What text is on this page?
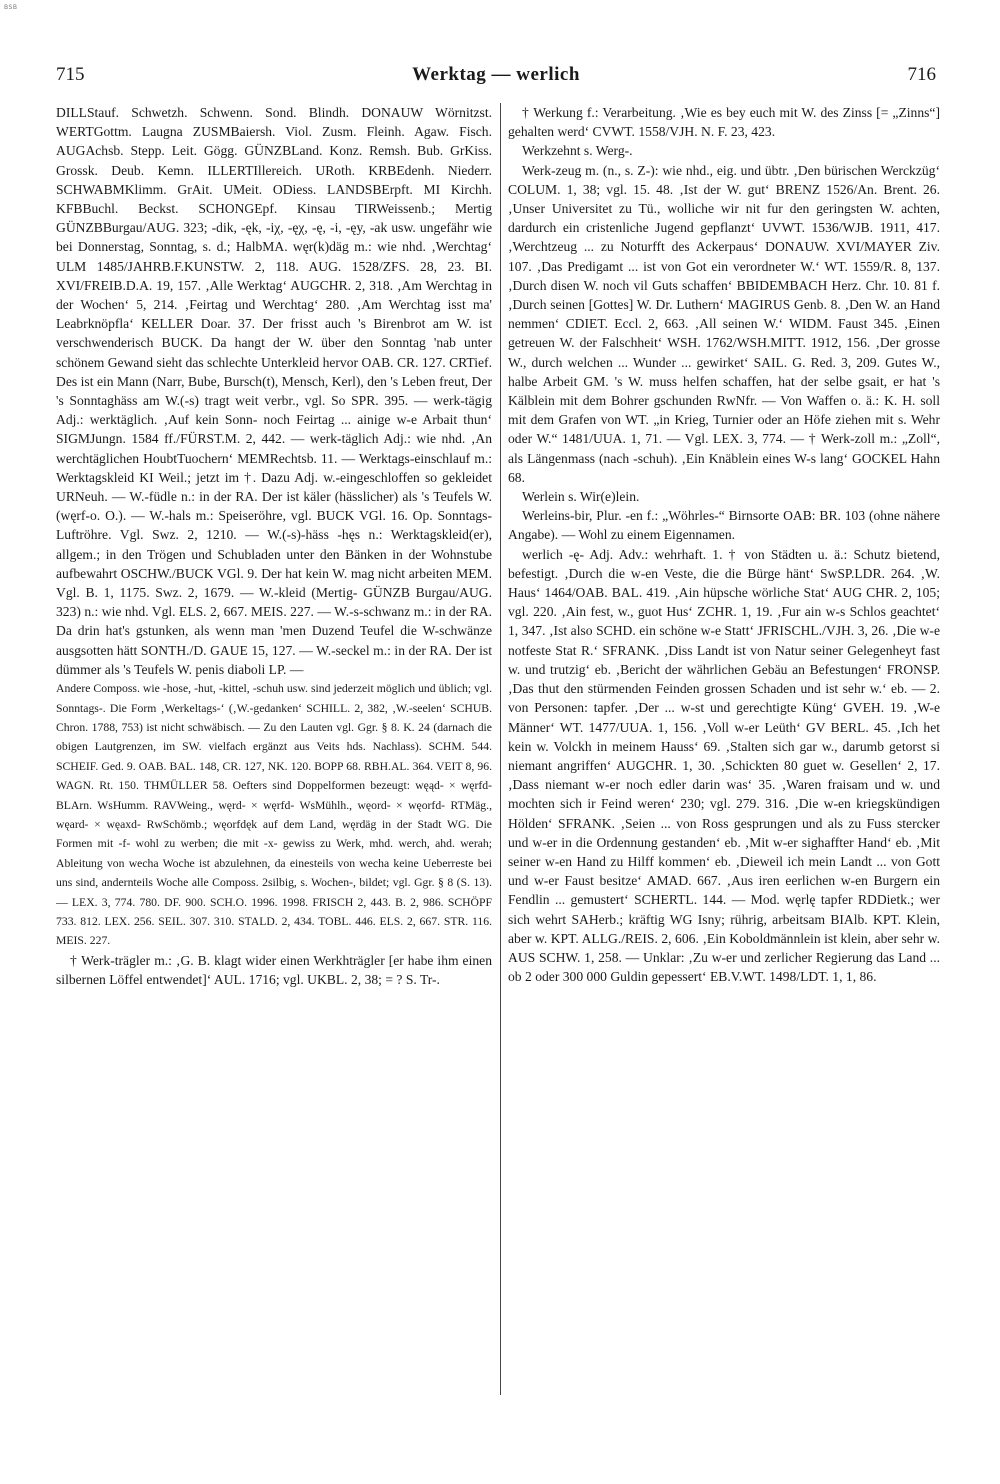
BSB
715	Werktag — werlich	716

DILLStauf. Schwetzh. Schwenn. Sond. Blindh. DONAUW Wörnitzst. WERTGottm. Laugna ZUSMBaiersh. Viol. Zusm. Fleinh. Agaw. Fisch. AUGAchsb. Stepp. Leit. Gögg. GÜNZBLand. Konz. Remsh. Bub. GrKiss. Grossk. Deub. Kemn. ILLERTIllereich. URoth. KRBEdenh. Niederr. SCHWABMKlimm. GrAit. UMeit. ODiess. LANDSBErpft. MI Kirchh. KFBBuchl. Beckst. SCHONGEpf. Kinsau TIRWeissenb.; Mertig GÜNZBBurgau/AUG. 323; -dik, -ęk, -iχ, -ęχ, -ę, -i, -ęy, -ak usw. ungefähr wie bei Donnerstag, Sonntag, s. d.; HalbMA. węr(k)däg m.: wie nhd. ‚Werchtag‘ ULM 1485/JAHRB.F.KUNSTW. 2, 118. AUG. 1528/ZFS. 28, 23. BI. XVI/FREIB.D.A. 19, 157. ‚Alle Werktag‘ AUGCHR. 2, 318. ‚Am Werchtag in der Wochen‘ 5, 214. ‚Feirtag und Werchtag‘ 280. ‚Am Werchtag isst ma' Leabrknöpfla‘ KELLER Doar. 37. Der frisst auch 's Birenbrot am W. ist verschwenderisch BUCK. Da hangt der W. über den Sonntag 'nab unter schönem Gewand sieht das schlechte Unterkleid hervor OAB. CR. 127. CRTief. Des ist ein Mann (Narr, Bube, Bursch(t), Mensch, Kerl), den 's Leben freut, Der 's Sonntaghäss am W.(-s) tragt weit verbr., vgl. So SPR. 395. — werk-tägig Adj.: werktäglich. ‚Auf kein Sonn- noch Feirtag ... ainige w-e Arbait thun‘ SIGMJungn. 1584 ff./FÜRST.M. 2, 442. — werk-täglich Adj.: wie nhd. ‚An werchtäglichen HoubtTuochern‘ MEMRechtsb. 11. — Werktags-einschlauf m.: Werktagskleid KI Weil.; jetzt im †. Dazu Adj. w.-eingeschloffen so gekleidet URNeuh. — W.-füdle n.: in der RA. Der ist käler (hässlicher) als 's Teufels W. (węrf-o. O.). — W.-hals m.: Speiseröhre, vgl. BUCK VGl. 16. Op. Sonntags- Luftröhre. Vgl. Swz. 2, 1210. — W.(-s)-häss -hęs n.: Werktagskleid(er), allgem.; in den Trögen und Schubladen unter den Bänken in der Wohnstube aufbewahrt OSCHW./BUCK VGl. 9. Der hat kein W. mag nicht arbeiten MEM. Vgl. B. 1, 1175. Swz. 2, 1679. — W.-kleid (Mertig- GÜNZB Burgau/AUG. 323) n.: wie nhd. Vgl. ELS. 2, 667. MEIS. 227. — W.-s-schwanz m.: in der RA. Da drin hat's gstunken, als wenn man 'men Duzend Teufel die W-schwänze ausgsotten hätt SONTH./D. GAUE 15, 127. — W.-seckel m.: in der RA. Der ist dümmer als 's Teufels W. penis diaboli LP. —

Andere Composs. wie -hose, -hut, -kittel, -schuh usw. sind jederzeit möglich und üblich; vgl. Sonntags-. Die Form ‚Werkeltags-‘ (‚W.-gedanken‘ SCHILL. 2, 382, ‚W.-seelen‘ SCHUB. Chron. 1788, 753) ist nicht schwäbisch. — Zu den Lauten vgl. Ggr. § 8. K. 24 (darnach die obigen Lautgrenzen, im SW. vielfach ergänzt aus Veits hds. Nachlass). SCHM. 544. SCHEIF. Ged. 9. OAB. BAL. 148, CR. 127, NK. 120. BOPP 68. RBH.AL. 364. VEIT 8, 96. WAGN. Rt. 150. THMÜLLER 58. Oefters sind Doppelformen bezeugt: węąd- × węrfd- BLArn. WsHumm. RAVWeing., węrd- × węrfd- WsMühlh., węord- × węorfd- RTMäg., węard- × węaxd- RwSchömb.; węorfdęk auf dem Land, węrdäg in der Stadt WG. Die Formen mit -f- wohl zu werben; die mit -x- gewiss zu Werk, mhd. werch, ahd. werah; Ableitung von wecha Woche ist abzulehnen, da einesteils von wecha keine Ueberreste bei uns sind, andernteils Woche alle Composs. 2silbig, s. Wochen-, bildet; vgl. Ggr. § 8 (S. 13). — LEX. 3, 774. 780. DF. 900. SCH.O. 1996. 1998. FRISCH 2, 443. B. 2, 986. SCHÖPF 733. 812. LEX. 256. SEIL. 307. 310. STALD. 2, 434. TOBL. 446. ELS. 2, 667. STR. 116. MEIS. 227.

† Werk-trägler m.: ‚G. B. klagt wider einen Werkhträgler [er habe ihm einen silbernen Löffel entwendet]‘ AUL. 1716; vgl. UKBL. 2, 38; = ? S. Tr-.

† Werkung f.: Verarbeitung. ‚Wie es bey euch mit W. des Zinss [= „Zinns“] gehalten werd‘ CVWT. 1558/VJH. N. F. 23, 423.

Werkzehnt s. Werg-.

Werk-zeug m. (n., s. Z-): wie nhd., eig. und übtr. ‚Den bürischen Werckzüg‘ COLUM. 1, 38; vgl. 15. 48. ‚Ist der W. gut‘ BRENZ 1526/An. Brent. 26. ‚Unser Universitet zu Tü., wolliche wir nit fur den geringsten W. achten, dardurch ein cristenliche Jugend gepflanzt‘ UVWT. 1536/WJB. 1911, 417. ‚Werchtzeug ... zu Noturfft des Ackerpaus‘ DONAUW. XVI/MAYER Ziv. 107. ‚Das Predigamt ... ist von Got ein verordneter W.‘ WT. 1559/R. 8, 137. ‚Durch disen W. noch vil Guts schaffen‘ BBIDEMBACH Herz. Chr. 10. 81 f. ‚Durch seinen [Gottes] W. Dr. Luthern‘ MAGIRUS Genb. 8. ‚Den W. an Hand nemmen‘ CDIET. Eccl. 2, 663. ‚All seinen W.‘ WIDM. Faust 345. ‚Einen getreuen W. der Falschheit‘ WSH. 1762/WSH.MITT. 1912, 156. ‚Der grosse W., durch welchen ... Wunder ... gewirket‘ SAIL. G. Red. 3, 209. Gutes W., halbe Arbeit GM. 's W. muss helfen schaffen, hat der selbe gsait, er hat 's Kälblein mit dem Bohrer gschunden RwNfr. — Von Waffen o. ä.: K. H. soll mit dem Grafen von WT. „in Krieg, Turnier oder an Höfe ziehen mit s. Wehr oder W.“ 1481/UUA. 1, 71. — Vgl. LEX. 3, 774. — † Werk-zoll m.: „Zoll“, als Längenmass (nach -schuh). ‚Ein Knäblein eines W-s lang‘ GOCKEL Hahn 68.

Werlein s. Wir(e)lein.

Werleins-bir, Plur. -en f.: „Wöhrles-“ Birnsorte OAB: BR. 103 (ohne nähere Angabe). — Wohl zu einem Eigennamen.

werlich -ę- Adj. Adv.: wehrhaft. 1. † von Städten u. ä.: Schutz bietend, befestigt. ‚Durch die w-en Veste, die die Bürge hänt‘ SwSP.LDR. 264. ‚W. Haus‘ 1464/OAB. BAL. 419. ‚Ain hüpsche wörliche Stat‘ AUG CHR. 2, 105; vgl. 220. ‚Ain fest, w., guot Hus‘ ZCHR. 1, 19. ‚Fur ain w-s Schlos geachtet‘ 1, 347. ‚Ist also SCHD. ein schöne w-e Statt‘ JFRISCHL./VJH. 3, 26. ‚Die w-e notfeste Stat R.‘ SFRANK. ‚Diss Landt ist von Natur seiner Gelegenheyt fast w. und trutzig‘ eb. ‚Bericht der währlichen Gebäu an Befestungen‘ FRONSP. ‚Das thut den stürmenden Feinden grossen Schaden und ist sehr w.‘ eb. — 2. von Personen: tapfer. ‚Der ... w-st und gerechtigte Küng‘ GVEH. 19. ‚W-e Männer‘ WT. 1477/UUA. 1, 156. ‚Voll w-er Leüth‘ GV BERL. 45. ‚Ich het kein w. Volckh in meinem Hauss‘ 69. ‚Stalten sich gar w., darumb getorst si niemant angriffen‘ AUGCHR. 1, 30. ‚Schickten 80 guet w. Gesellen‘ 2, 17. ‚Dass niemant w-er noch edler darin was‘ 35. ‚Waren fraisam und w. und mochten sich ir Feind weren‘ 230; vgl. 279. 316. ‚Die w-en kriegskündigen Hölden‘ SFRANK. ‚Seien ... von Ross gesprungen und als zu Fuss stercker und w-er in die Ordennung gestanden‘ eb. ‚Mit w-er sighaffter Hand‘ eb. ‚Mit seiner w-en Hand zu Hilff kommen‘ eb. ‚Dieweil ich mein Landt ... von Gott und w-er Faust besitze‘ AMAD. 667. ‚Aus iren eerlichen w-en Burgern ein Fendlin ... gemustert‘ SCHERTL. 144. — Mod. węrlę tapfer RDDietk.; wer sich wehrt SAHerb.; kräftig WG Isny; rührig, arbeitsam BIAlb. KPT. Klein, aber w. KPT. ALLG./REIS. 2, 606. ‚Ein Koboldmännlein ist klein, aber sehr w. AUS SCHW. 1, 258. — Unklar: ‚Zu w-er und zerlicher Regierung das Land ... ob 2 oder 300 000 Guldin gepessert‘ EB.V.WT. 1498/LDT. 1, 1, 86.
